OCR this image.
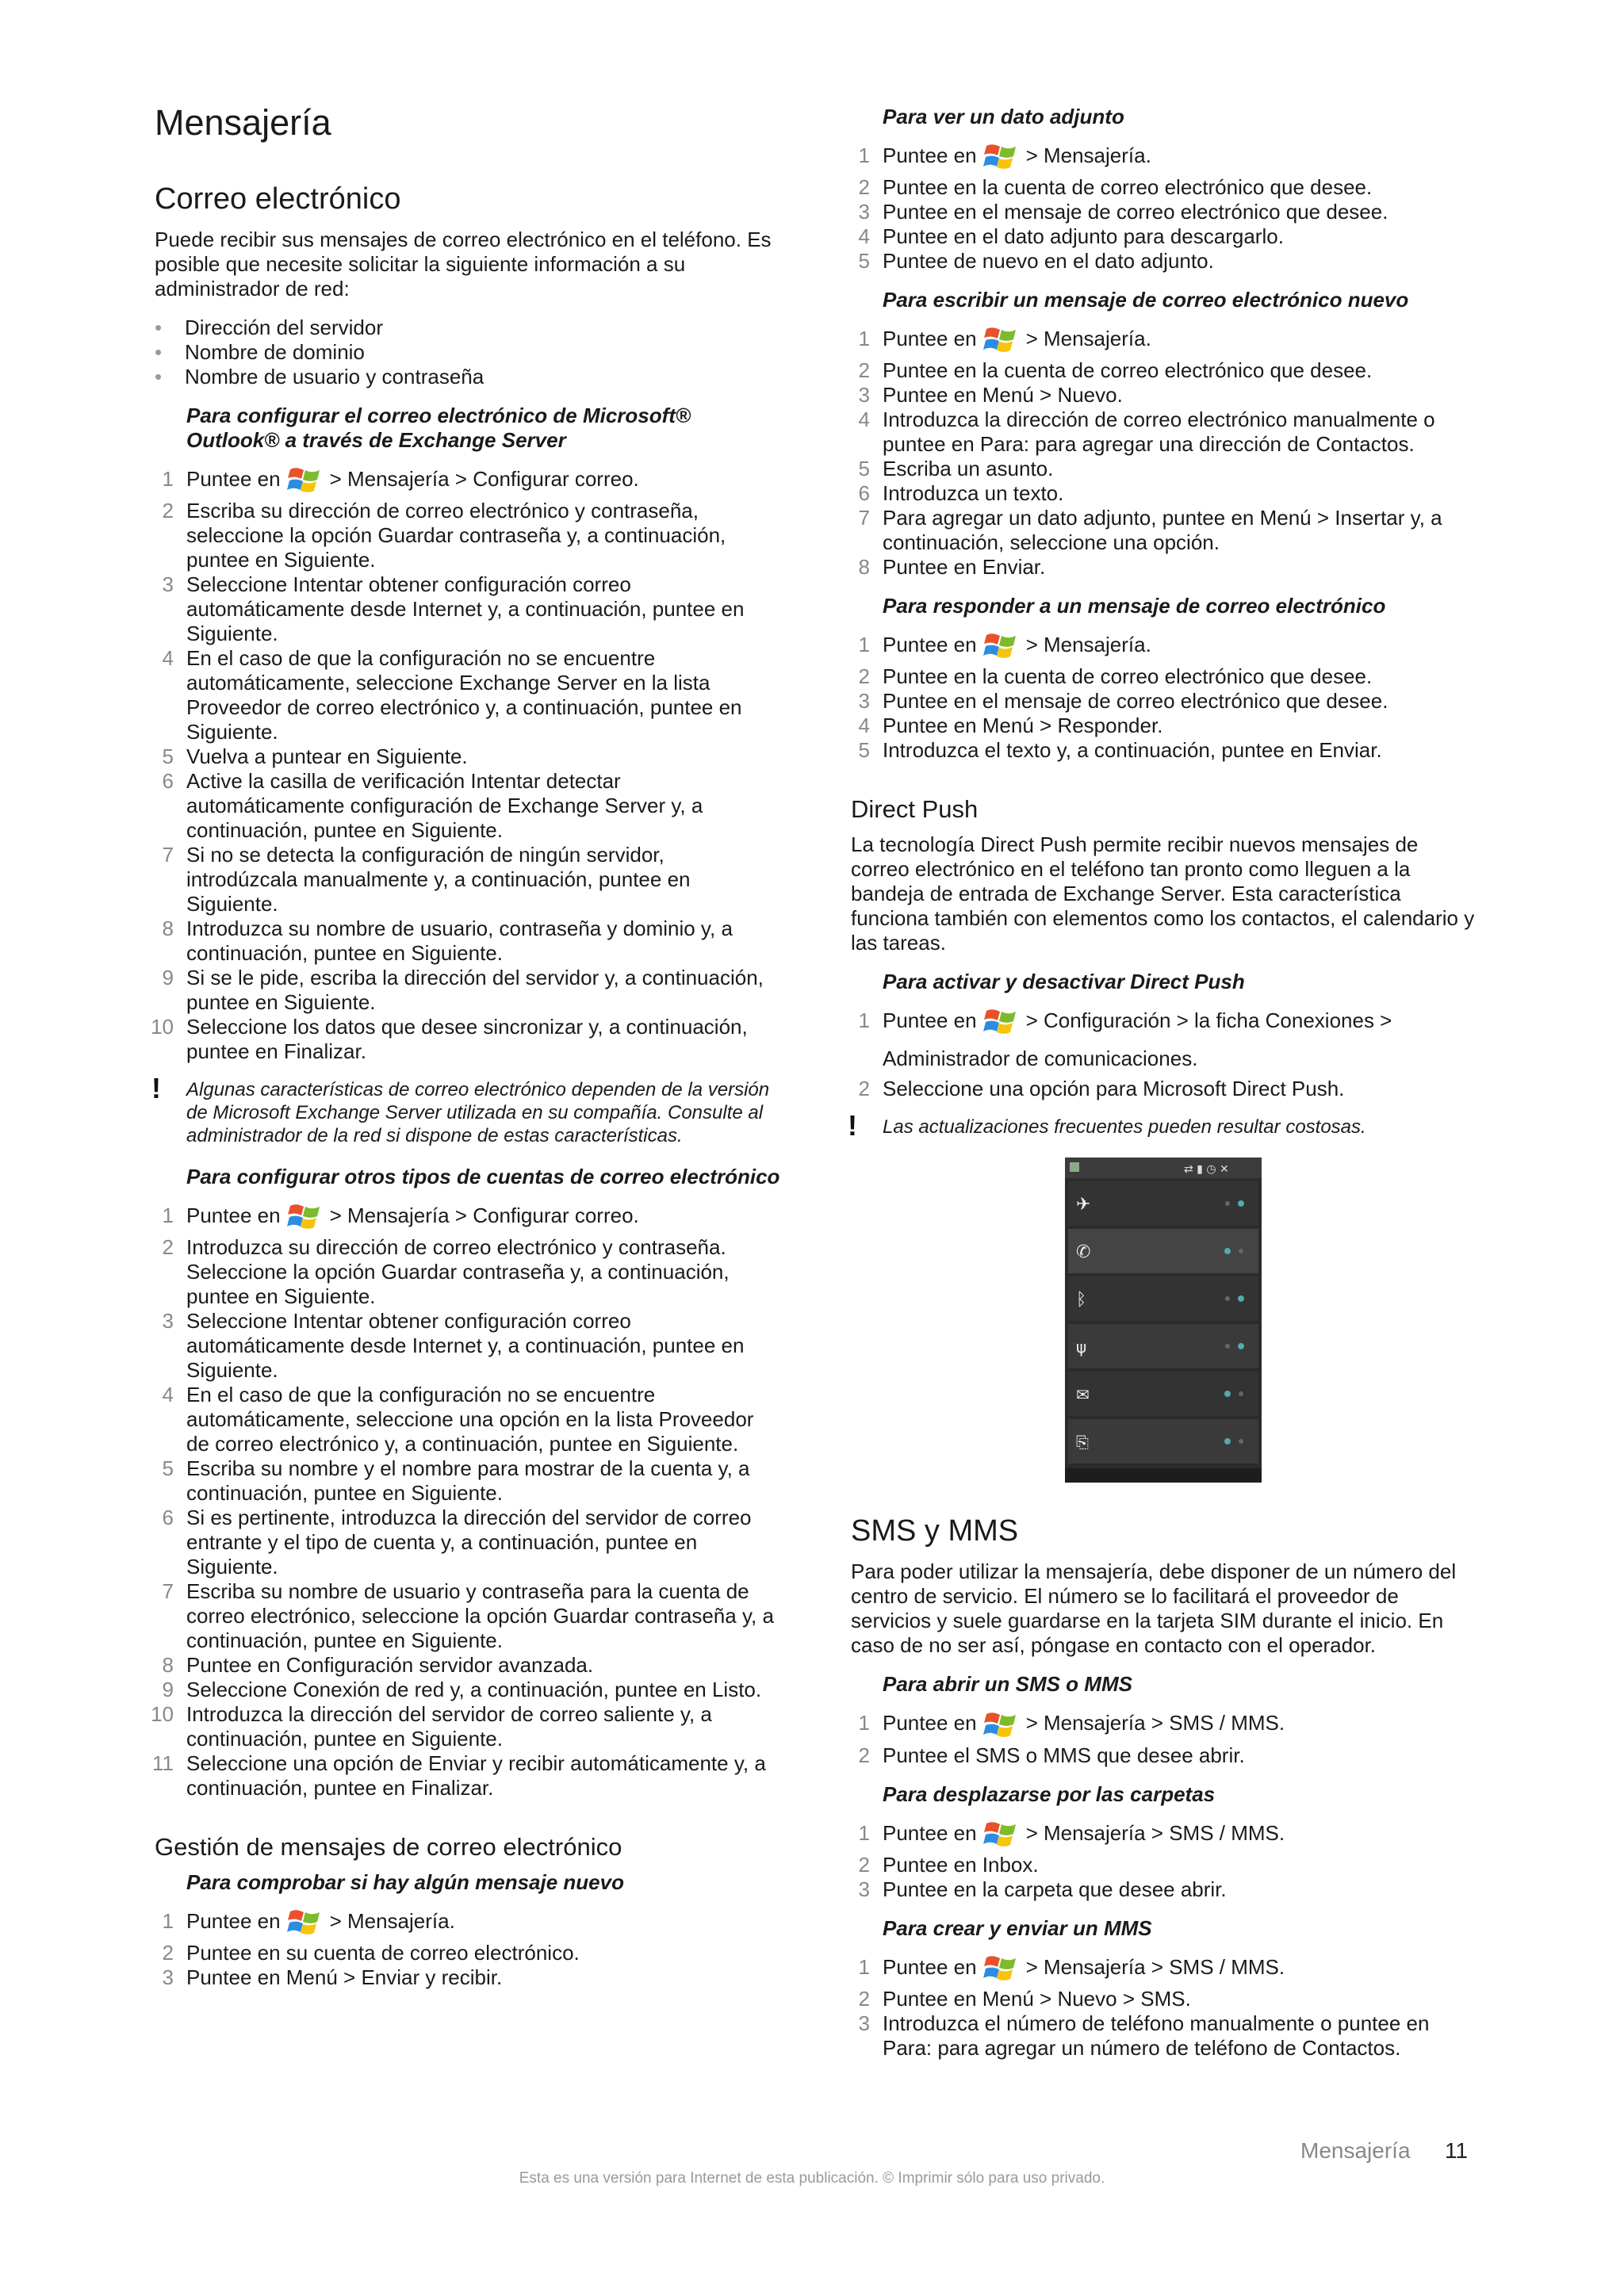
Mensajería
Correo electrónico

Puede recibir sus mensajes de correo electrónico en el teléfono. Es posible que necesite solicitar la siguiente información a su administrador de red:

• Dirección del servidor
• Nombre de dominio
• Nombre de usuario y contraseña
Para configurar el correo electrónico de Microsoft® Outlook® a través de Exchange Server
1 Puntee en > Mensajería > Configurar correo.
2 Escriba su dirección de correo electrónico y contraseña, seleccione la opción Guardar contraseña y, a continuación, puntee en Siguiente.
3 Seleccione Intentar obtener configuración correo automáticamente desde Internet y, a continuación, puntee en Siguiente.
4 En el caso de que la configuración no se encuentre automáticamente, seleccione Exchange Server en la lista Proveedor de correo electrónico y, a continuación, puntee en Siguiente.
5 Vuelva a puntear en Siguiente.
6 Active la casilla de verificación Intentar detectar automáticamente configuración de Exchange Server y, a continuación, puntee en Siguiente.
7 Si no se detecta la configuración de ningún servidor, introdúzcala manualmente y, a continuación, puntee en Siguiente.
8 Introduzca su nombre de usuario, contraseña y dominio y, a continuación, puntee en Siguiente.
9 Si se le pide, escriba la dirección del servidor y, a continuación, puntee en Siguiente.
10 Seleccione los datos que desee sincronizar y, a continuación, puntee en Finalizar.
! Algunas características de correo electrónico dependen de la versión de Microsoft Exchange Server utilizada en su compañía. Consulte al administrador de la red si dispone de estas características.
Para configurar otros tipos de cuentas de correo electrónico
1 Puntee en > Mensajería > Configurar correo.
2 Introduzca su dirección de correo electrónico y contraseña. Seleccione la opción Guardar contraseña y, a continuación, puntee en Siguiente.
3 Seleccione Intentar obtener configuración correo automáticamente desde Internet y, a continuación, puntee en Siguiente.
4 En el caso de que la configuración no se encuentre automáticamente, seleccione una opción en la lista Proveedor de correo electrónico y, a continuación, puntee en Siguiente.
5 Escriba su nombre y el nombre para mostrar de la cuenta y, a continuación, puntee en Siguiente.
6 Si es pertinente, introduzca la dirección del servidor de correo entrante y el tipo de cuenta y, a continuación, puntee en Siguiente.
7 Escriba su nombre de usuario y contraseña para la cuenta de correo electrónico, seleccione la opción Guardar contraseña y, a continuación, puntee en Siguiente.
8 Puntee en Configuración servidor avanzada.
9 Seleccione Conexión de red y, a continuación, puntee en Listo.
10 Introduzca la dirección del servidor de correo saliente y, a continuación, puntee en Siguiente.
11 Seleccione una opción de Enviar y recibir automáticamente y, a continuación, puntee en Finalizar.
Gestión de mensajes de correo electrónico
Para comprobar si hay algún mensaje nuevo
1 Puntee en > Mensajería.
2 Puntee en su cuenta de correo electrónico.
3 Puntee en Menú > Enviar y recibir.
Para ver un dato adjunto
1 Puntee en > Mensajería.
2 Puntee en la cuenta de correo electrónico que desee.
3 Puntee en el mensaje de correo electrónico que desee.
4 Puntee en el dato adjunto para descargarlo.
5 Puntee de nuevo en el dato adjunto.
Para escribir un mensaje de correo electrónico nuevo
1 Puntee en > Mensajería.
2 Puntee en la cuenta de correo electrónico que desee.
3 Puntee en Menú > Nuevo.
4 Introduzca la dirección de correo electrónico manualmente o puntee en Para: para agregar una dirección de Contactos.
5 Escriba un asunto.
6 Introduzca un texto.
7 Para agregar un dato adjunto, puntee en Menú > Insertar y, a continuación, seleccione una opción.
8 Puntee en Enviar.
Para responder a un mensaje de correo electrónico
1 Puntee en > Mensajería.
2 Puntee en la cuenta de correo electrónico que desee.
3 Puntee en el mensaje de correo electrónico que desee.
4 Puntee en Menú > Responder.
5 Introduzca el texto y, a continuación, puntee en Enviar.
Direct Push

La tecnología Direct Push permite recibir nuevos mensajes de correo electrónico en el teléfono tan pronto como lleguen a la bandeja de entrada de Exchange Server. Esta característica funciona también con elementos como los contactos, el calendario y las tareas.

Para activar y desactivar Direct Push
1 Puntee en > Configuración > la ficha Conexiones > Administrador de comunicaciones.
2 Seleccione una opción para Microsoft Direct Push.
! Las actualizaciones frecuentes pueden resultar costosas.
⇄ ▮ ◷ ✕
✈
✆
ᛒ
ψ
✉
⎘
SMS y MMS

Para poder utilizar la mensajería, debe disponer de un número del centro de servicio. El número se lo facilitará el proveedor de servicios y suele guardarse en la tarjeta SIM durante el inicio. En caso de no ser así, póngase en contacto con el operador.

Para abrir un SMS o MMS
1 Puntee en > Mensajería > SMS / MMS.
2 Puntee el SMS o MMS que desee abrir.
Para desplazarse por las carpetas
1 Puntee en > Mensajería > SMS / MMS.
2 Puntee en Inbox.
3 Puntee en la carpeta que desee abrir.
Para crear y enviar un MMS
1 Puntee en > Mensajería > SMS / MMS.
2 Puntee en Menú > Nuevo > SMS.
3 Introduzca el número de teléfono manualmente o puntee en Para: para agregar un número de teléfono de Contactos.
Mensajería 11
Esta es una versión para Internet de esta publicación. © Imprimir sólo para uso privado.
